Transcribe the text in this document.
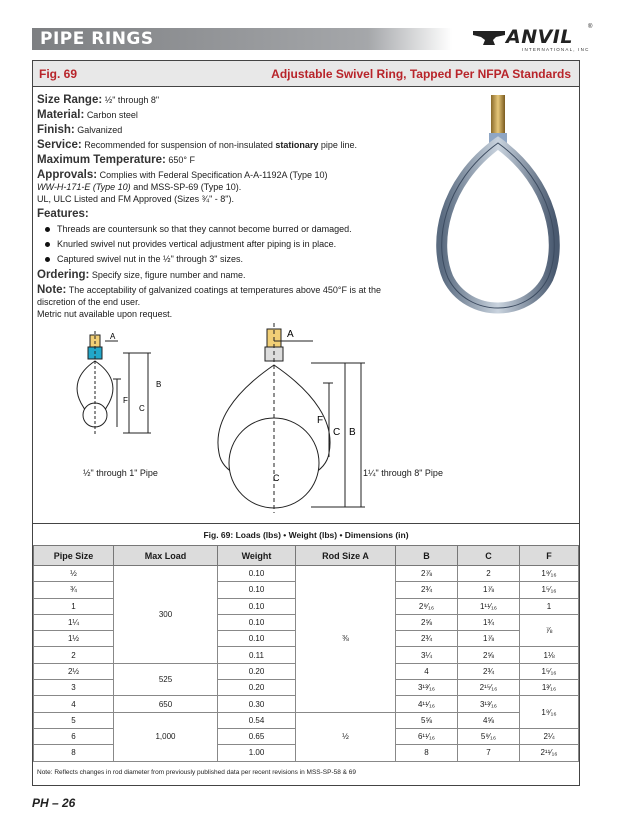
PIPE RINGS	ANVIL	®
INTERNATIONAL, INC
Fig. 69	Adjustable Swivel Ring, Tapped Per NFPA Standards
Size Range: ½" through 8"
Material: Carbon steel
Finish: Galvanized
Service: Recommended for suspension of non-insulated stationary pipe line.
Maximum Temperature: 650° F
Approvals: Complies with Federal Specification A-A-1192A (Type 10)
WW-H-171-E (Type 10) and MSS-SP-69 (Type 10).
UL, ULC Listed and FM Approved (Sizes ¾" - 8").
Features:
Threads are countersunk so that they cannot become burred or damaged.
Knurled swivel nut provides vertical adjustment after piping is in place.
Captured swivel nut in the ½" through 3" sizes.
Ordering: Specify size, figure number and name.
Note: The acceptability of galvanized coatings at temperatures above 450°F is at the
discretion of the end user.
Metric nut available upon request.
A
B
C
F
A
F
C B
C
½" through 1" Pipe	1¼" through 8" Pipe
Fig. 69: Loads (lbs) • Weight (lbs) • Dimensions (in)
Pipe Size	Max Load	Weight	Rod Size A	B	C	F
½	300	0.10	⅜	2⅞	2	1⁹⁄₁₆
¾		0.10		2¾	1⅞	1⁵⁄₁₆
1		0.10		2⁹⁄₁₆	1¹¹⁄₁₆	1
1¼		0.10		2⅝	1¾	⅞
1½		0.10		2¾	1⅞	
2		0.11		3¼	2⅝	1⅛
2½	525	0.20		4	2¾	1⁵⁄₁₆
3		0.20		3¹³⁄₁₆	2¹⁵⁄₁₆	1³⁄₁₆
4	650	0.30		4¹¹⁄₁₆	3¹³⁄₁₆	1⁹⁄₁₆
5	1,000	0.54	½	5⅝	4⅝	
6		0.65		6¹¹⁄₁₆	5⁹⁄₁₆	2¼
8		1.00		8	7	2¹¹⁄₁₆
Note: Reflects changes in rod diameter from previously published data per recent revisions in MSS-SP-58 & 69
PH – 26
